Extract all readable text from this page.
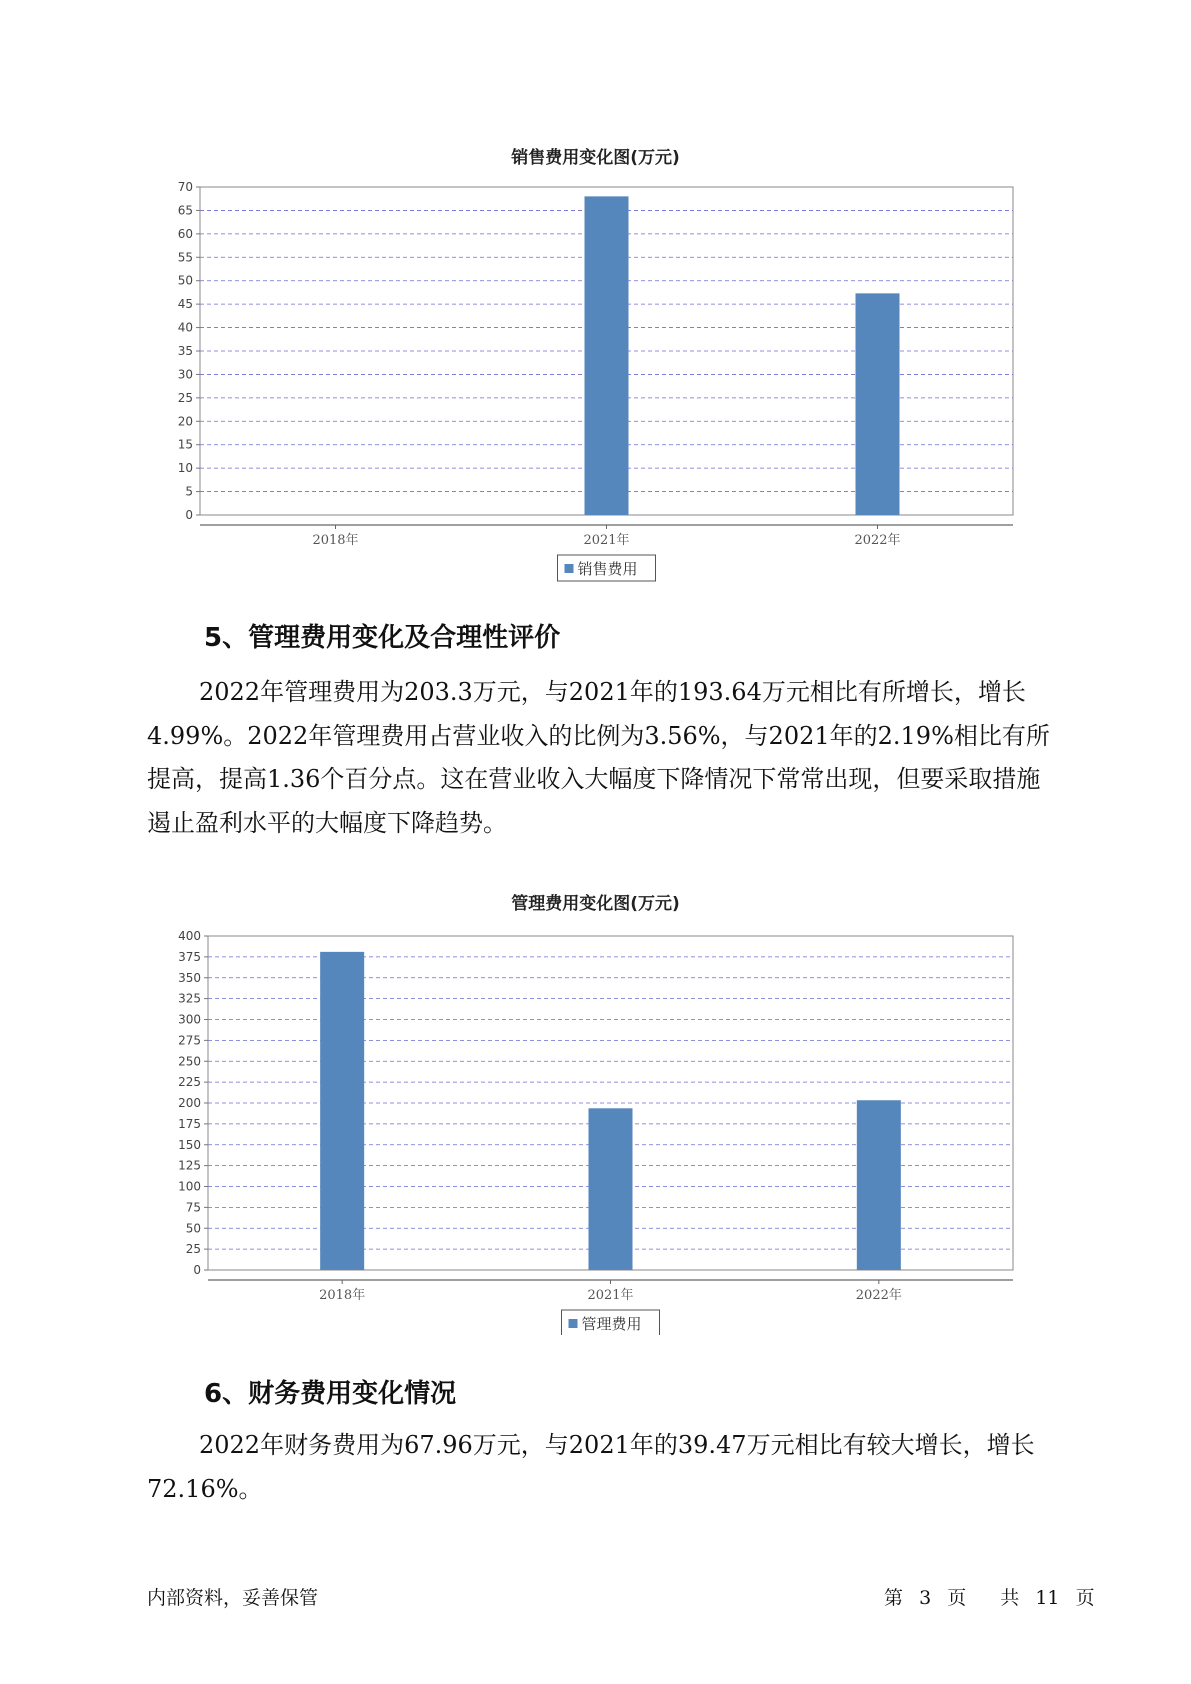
销售费用变化图(万元)
0
5
10
15
20
25
30
35
40
45
50
55
60
65
70
2018年	2021年	2022年
销售费用
5、管理费用变化及合理性评价
2022年管理费用为203.3万元，与2021年的193.64万元相比有所增长，增长4.99%。2022年管理费用占营业收入的比例为3.56%，与2021年的2.19%相比有所提高，提高1.36个百分点。这在营业收入大幅度下降情况下常常出现，但要采取措施遏止盈利水平的大幅度下降趋势。
管理费用变化图(万元)
0
25
50
75
100
125
150
175
200
225
250
275
300
325
350
375
400
2018年	2021年	2022年
管理费用
6、财务费用变化情况
2022年财务费用为67.96万元，与2021年的39.47万元相比有较大增长，增长72.16%。
内部资料，妥善保管	第 3 页 共 11 页
